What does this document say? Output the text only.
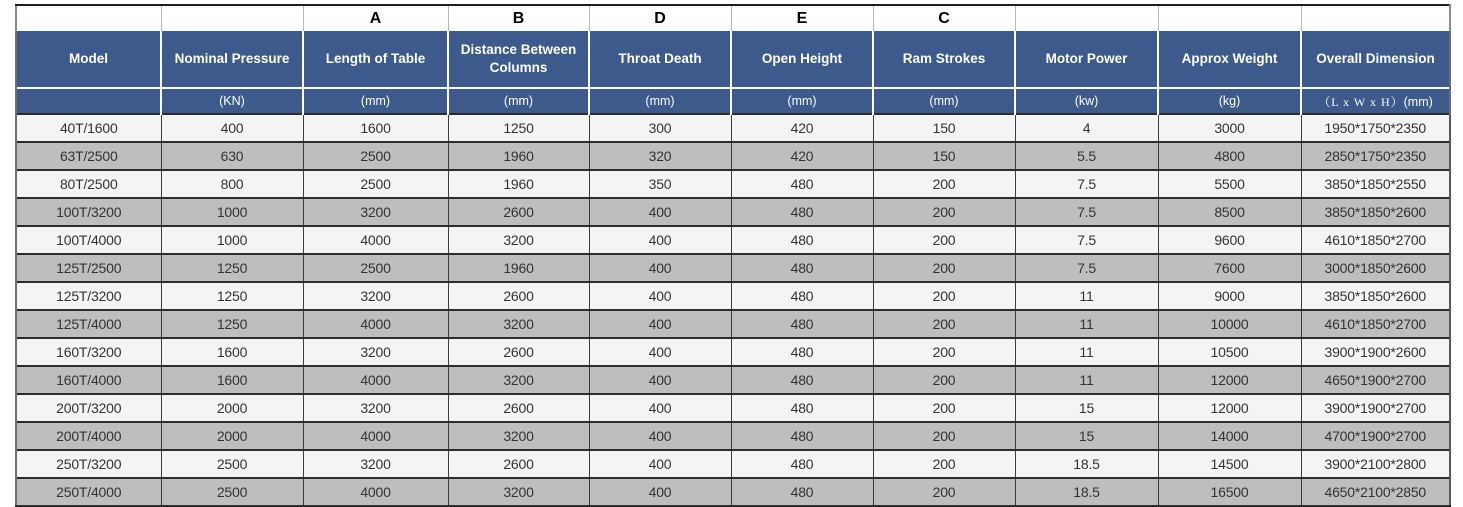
		A	B	D	E	C			
Model	Nominal Pressure	Length of Table	Distance Between Columns	Throat Death	Open Height	Ram Strokes	Motor Power	Approx Weight	Overall Dimension
	(KN)	(mm)	(mm)	(mm)	(mm)	(mm)	(kw)	(kg)	（L x W x H）(mm)
40T/1600	400	1600	1250	300	420	150	4	3000	1950*1750*2350
63T/2500	630	2500	1960	320	420	150	5.5	4800	2850*1750*2350
80T/2500	800	2500	1960	350	480	200	7.5	5500	3850*1850*2550
100T/3200	1000	3200	2600	400	480	200	7.5	8500	3850*1850*2600
100T/4000	1000	4000	3200	400	480	200	7.5	9600	4610*1850*2700
125T/2500	1250	2500	1960	400	480	200	7.5	7600	3000*1850*2600
125T/3200	1250	3200	2600	400	480	200	11	9000	3850*1850*2600
125T/4000	1250	4000	3200	400	480	200	11	10000	4610*1850*2700
160T/3200	1600	3200	2600	400	480	200	11	10500	3900*1900*2600
160T/4000	1600	4000	3200	400	480	200	11	12000	4650*1900*2700
200T/3200	2000	3200	2600	400	480	200	15	12000	3900*1900*2700
200T/4000	2000	4000	3200	400	480	200	15	14000	4700*1900*2700
250T/3200	2500	3200	2600	400	480	200	18.5	14500	3900*2100*2800
250T/4000	2500	4000	3200	400	480	200	18.5	16500	4650*2100*2850
